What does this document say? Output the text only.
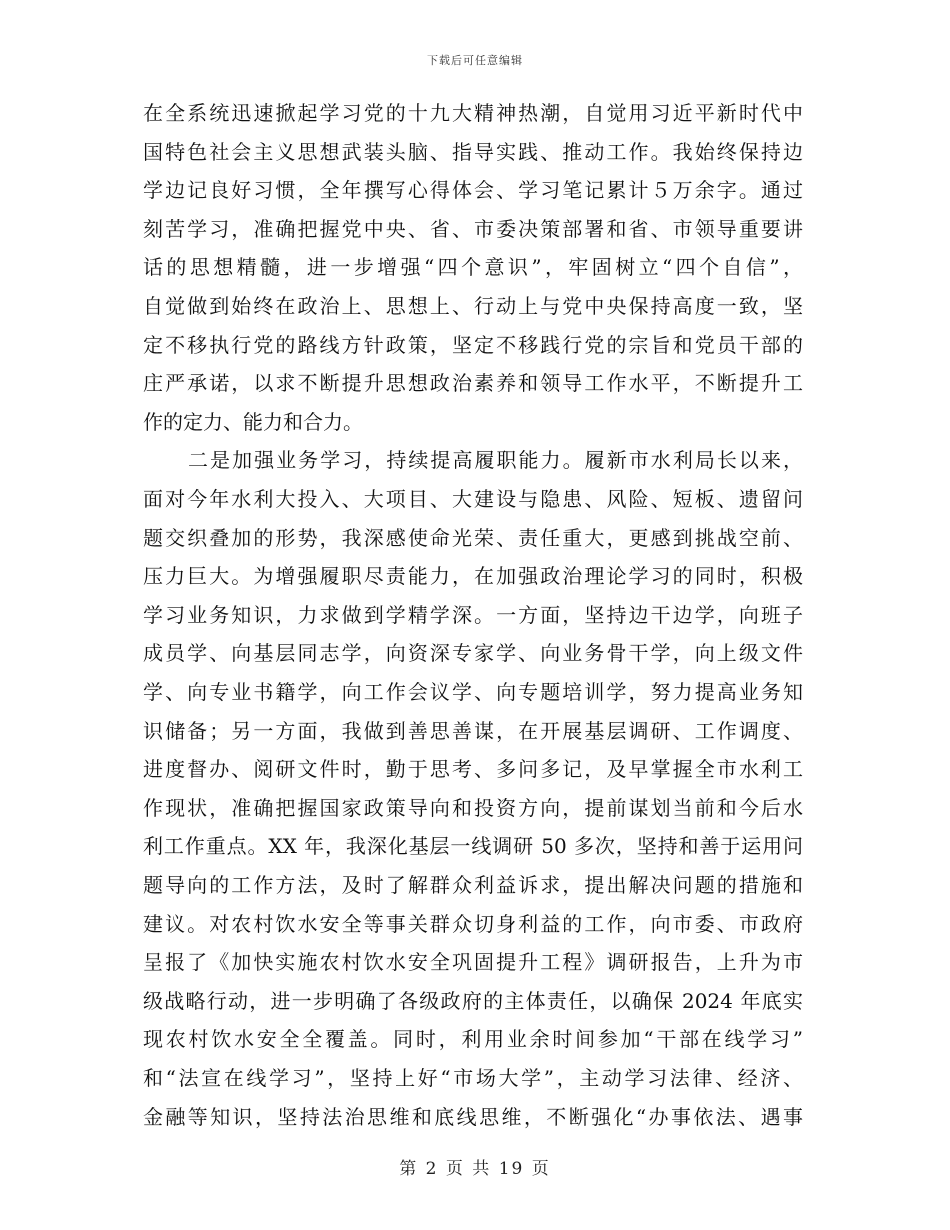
下载后可任意编辑
在全系统迅速掀起学习党的十九大精神热潮，自觉用习近平新时代中
国特色社会主义思想武装头脑、指导实践、推动工作。我始终保持边
学边记良好习惯，全年撰写心得体会、学习笔记累计５万余字。通过
刻苦学习，准确把握党中央、省、市委决策部署和省、市领导重要讲
话的思想精髓，进一步增强“四个意识”，牢固树立“四个自信”，
自觉做到始终在政治上、思想上、行动上与党中央保持高度一致，坚
定不移执行党的路线方针政策，坚定不移践行党的宗旨和党员干部的
庄严承诺，以求不断提升思想政治素养和领导工作水平，不断提升工
作的定力、能力和合力。
二是加强业务学习，持续提高履职能力。履新市水利局长以来，
面对今年水利大投入、大项目、大建设与隐患、风险、短板、遗留问
题交织叠加的形势，我深感使命光荣、责任重大，更感到挑战空前、
压力巨大。为增强履职尽责能力，在加强政治理论学习的同时，积极
学习业务知识，力求做到学精学深。一方面，坚持边干边学，向班子
成员学、向基层同志学，向资深专家学、向业务骨干学，向上级文件
学、向专业书籍学，向工作会议学、向专题培训学，努力提高业务知
识储备；另一方面，我做到善思善谋，在开展基层调研、工作调度、
进度督办、阅研文件时，勤于思考、多问多记，及早掌握全市水利工
作现状，准确把握国家政策导向和投资方向，提前谋划当前和今后水
利工作重点。XX 年，我深化基层一线调研 50 多次，坚持和善于运用问
题导向的工作方法，及时了解群众利益诉求，提出解决问题的措施和
建议。对农村饮水安全等事关群众切身利益的工作，向市委、市政府
呈报了《加快实施农村饮水安全巩固提升工程》调研报告，上升为市
级战略行动，进一步明确了各级政府的主体责任，以确保 2024 年底实
现农村饮水安全全覆盖。同时，利用业余时间参加“干部在线学习”
和“法宣在线学习”，坚持上好“市场大学”，主动学习法律、经济、
金融等知识，坚持法治思维和底线思维，不断强化“办事依法、遇事
第 2 页 共 19 页
